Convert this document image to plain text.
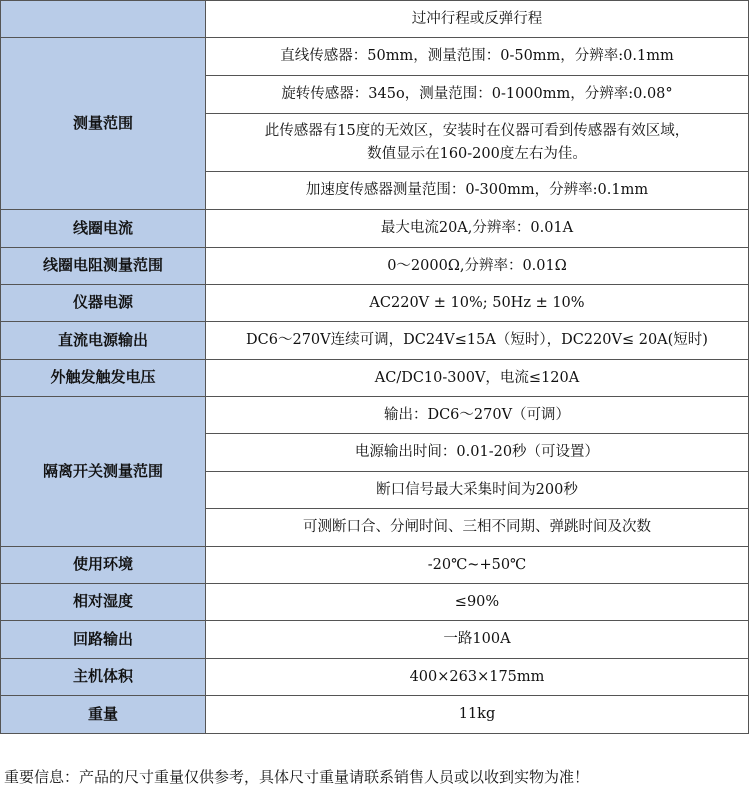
	过冲行程或反弹行程
测量范围	直线传感器：50mm，测量范围：0-50mm，分辨率:0.1mm
	旋转传感器：345ο，测量范围：0-1000mm，分辨率:0.08°

	此传感器有15度的无效区，安装时在仪器可看到传感器有效区域，
数值显示在160-200度左右为佳。

	加速度传感器测量范围：0-300mm，分辨率:0.1mm
线圈电流	最大电流20A,分辨率：0.01A
线圈电阻测量范围	0～2000Ω,分辨率：0.01Ω
仪器电源	AC220V ± 10%; 50Hz ± 10%
直流电源输出	DC6～270V连续可调，DC24V≤15A（短时），DC220V≤ 20A(短时)
外触发触发电压	AC/DC10-300V，电流≤120A
隔离开关测量范围	输出：DC6～270V（可调）
	电源输出时间：0.01-20秒（可设置）
	断口信号最大采集时间为200秒
	可测断口合、分闸时间、三相不同期、弹跳时间及次数
使用环境	-20℃~+50℃
相对湿度	≤90%
回路输出	一路100A
主机体积	400×263×175mm
重量	11kg
重要信息：产品的尺寸重量仅供参考，具体尺寸重量请联系销售人员或以收到实物为准！
